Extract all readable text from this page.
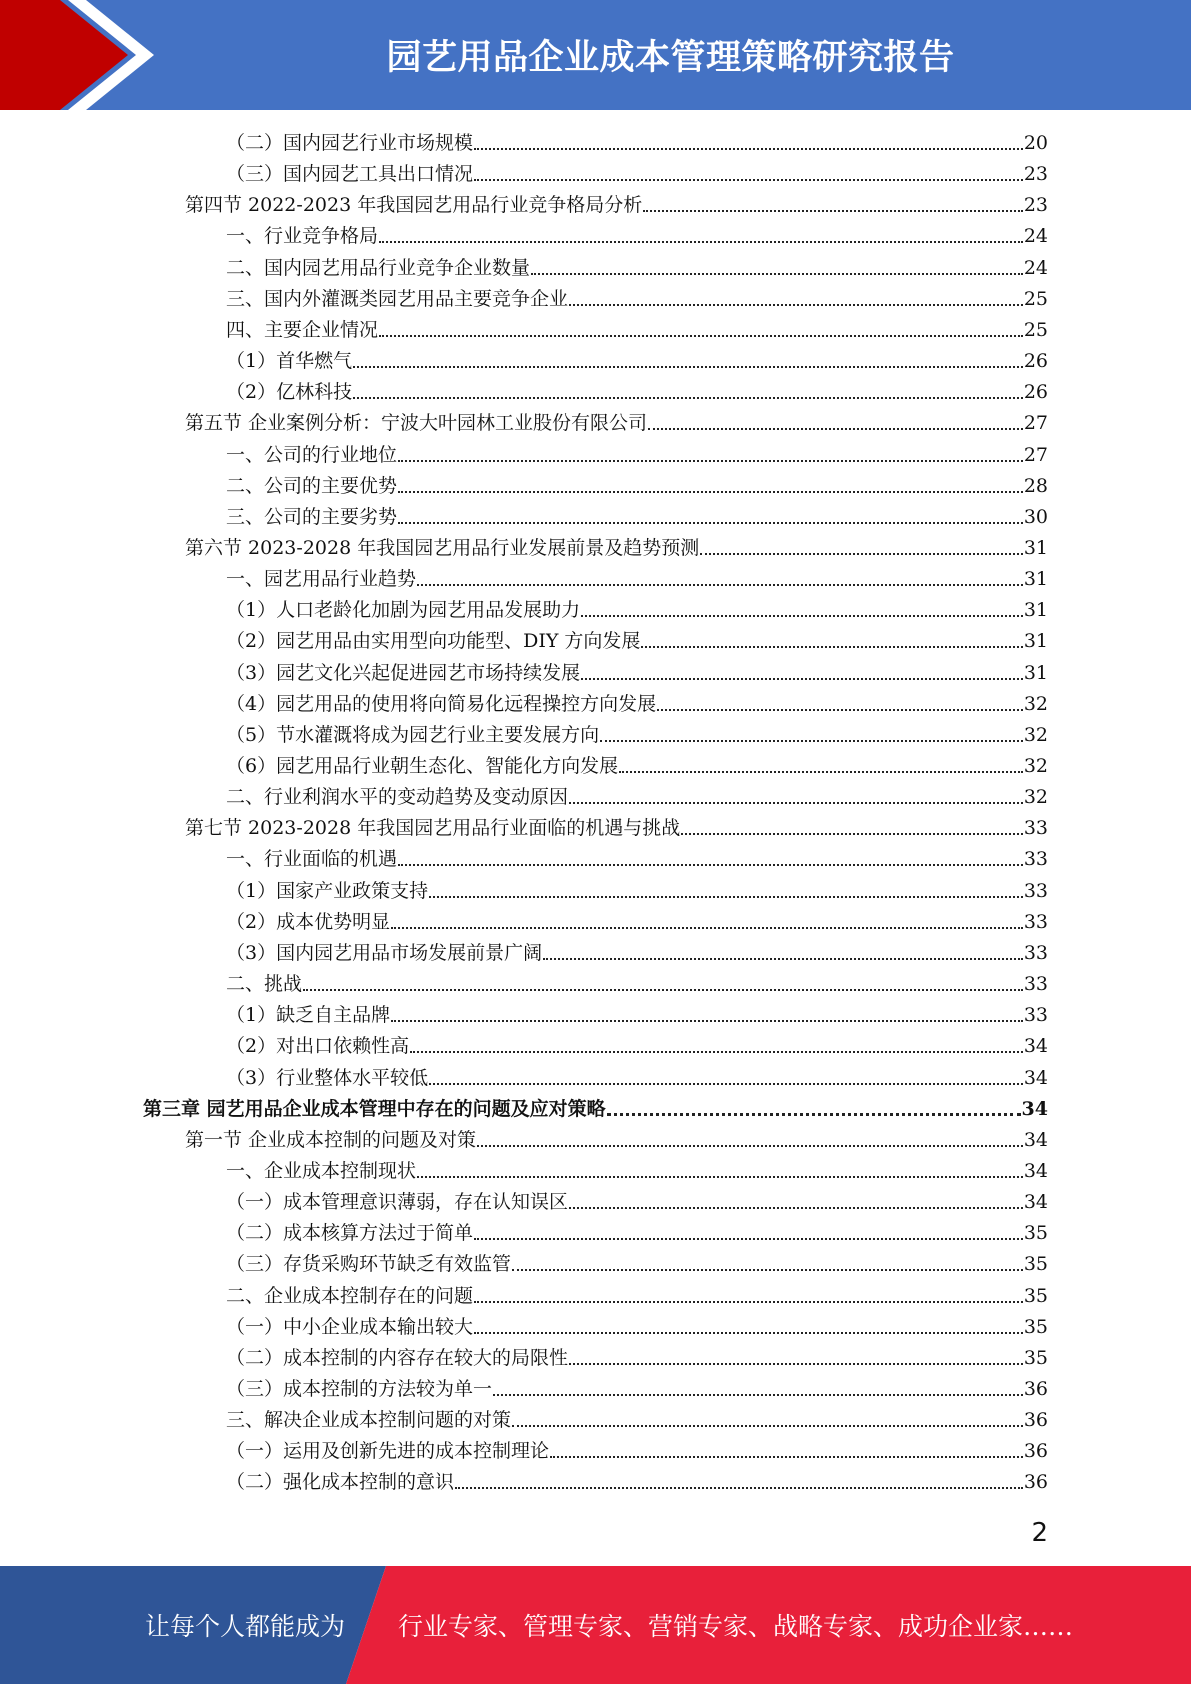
园艺用品企业成本管理策略研究报告
（二）国内园艺行业市场规模	20
（三）国内园艺工具出口情况	23
第四节 2022-2023 年我国园艺用品行业竞争格局分析	23
一、行业竞争格局	24
二、国内园艺用品行业竞争企业数量	24
三、国内外灌溉类园艺用品主要竞争企业	25
四、主要企业情况	25
（1）首华燃气	26
（2）亿林科技	26
第五节 企业案例分析：宁波大叶园林工业股份有限公司	27
一、公司的行业地位	27
二、公司的主要优势	28
三、公司的主要劣势	30
第六节 2023-2028 年我国园艺用品行业发展前景及趋势预测	31
一、园艺用品行业趋势	31
（1）人口老龄化加剧为园艺用品发展助力	31
（2）园艺用品由实用型向功能型、DIY 方向发展	31
（3）园艺文化兴起促进园艺市场持续发展	31
（4）园艺用品的使用将向简易化远程操控方向发展	32
（5）节水灌溉将成为园艺行业主要发展方向	32
（6）园艺用品行业朝生态化、智能化方向发展	32
二、行业利润水平的变动趋势及变动原因	32
第七节 2023-2028 年我国园艺用品行业面临的机遇与挑战	33
一、行业面临的机遇	33
（1）国家产业政策支持	33
（2）成本优势明显	33
（3）国内园艺用品市场发展前景广阔	33
二、挑战	33
（1）缺乏自主品牌	33
（2）对出口依赖性高	34
（3）行业整体水平较低	34
第三章 园艺用品企业成本管理中存在的问题及应对策略	34
第一节 企业成本控制的问题及对策	34
一、企业成本控制现状	34
（一）成本管理意识薄弱，存在认知误区	34
（二）成本核算方法过于简单	35
（三）存货采购环节缺乏有效监管	35
二、企业成本控制存在的问题	35
（一）中小企业成本输出较大	35
（二）成本控制的内容存在较大的局限性	35
（三）成本控制的方法较为单一	36
三、解决企业成本控制问题的对策	36
（一）运用及创新先进的成本控制理论	36
（二）强化成本控制的意识	36
2
让每个人都能成为 行业专家、管理专家、营销专家、战略专家、成功企业家……
